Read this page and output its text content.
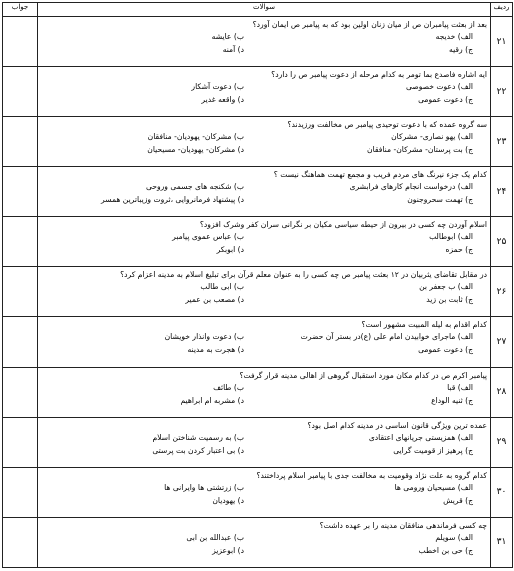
ردیف	سوالات	جواب
۲۱	بعد از بعثت پیامبران ص از میان زنان اولین بود که به پیامبر ص ایمان آورد؟
الف) خدیجه
ب) عایشه
ج) رقیه
د) آمنه	

۲۲	ایه اشاره فاصدع بما تومر به کدام مرحله از دعوت پیامبر ص را دارد؟
الف) دعوت خصوصی
ب) دعوت آشکار
ج) دعوت عمومی
د) واقعه غدیر	

۲۳	سه گروه عمده که با دعوت توحیدی پیامبر ص مخالفت ورزیدند؟
الف) یهو نصاری- مشرکان
ب) مشرکان- یهودیان- منافقان
ج) بت پرستان- مشرکان- منافقان
د) مشرکان- یهودیان- مسیحیان	

۲۴	کدام یک جزء نیرنگ های مردم فریب و مجمع تهمت هماهنگ نیست ؟
الف) درخواست انجام کارهای فرابشری
ب) شکنجه های جسمی وروحی
ج) تهمت سحروجنون
د) پیشنهاد فرمانروایی ،ثروت وزیباترین همسر	

۲۵	اسلام آوردن چه کسی در بیرون از حیطه سیاسی مکیان بر نگرانی سران کفر وشرک افزود؟
الف) ابوطالب
ب) عباس عموی پیامبر
ج) حمزه
د) ابوبکر	

۲۶	در مقابل تقاضای یثربیان در ۱۲ بعثت پیامبر ص چه کسی را به عنوان معلم قرآن برای تبلیغ اسلام به مدینه اعزام کرد؟
الف) ب جعفر بن
ب) ابی طالب
ج) ثابت بن زید
د) مصعب بن عمیر	

۲۷	کدام اقدام به لیله المبیت مشهور است؟
الف) ماجرای خوابیدن امام علی (ع)در بستر آن حضرت
ب) دعوت وانذار خویشان
ج) دعوت عمومی
د) هجرت به مدینه	

۲۸	پیامبر اکرم ص در کدام مکان مورد استقبال گروهی از اهالی مدینه قرار گرفت؟
الف) قبا
ب) طائف
ج) ثنیه الوداع
د) مشربه ام ابراهیم	

۲۹	عمده ترین ویژگی قانون اساسی در مدینه کدام اصل بود؟
الف) همزیستی جریانهای اعتقادی
ب) به رسمیت شناختن اسلام
ج) پرهیز از قومیت گرایی
د) بی اعتبار کردن بت پرستی	

۳۰	کدام گروه به علت نژاد وقومیت به مخالفت جدی با پیامبر اسلام پرداختند؟
الف) مسیحیان ورومی ها
ب) زرتشتی ها وایرانی ها
ج) قریش
د) یهودیان	

۳۱	چه کسی فرماندهی منافقان مدینه را بر عهده داشت؟
الف) سویلم
ب) عبدالله بن ابی
ج) حی بن اخطب
د) ابوعزیز	
